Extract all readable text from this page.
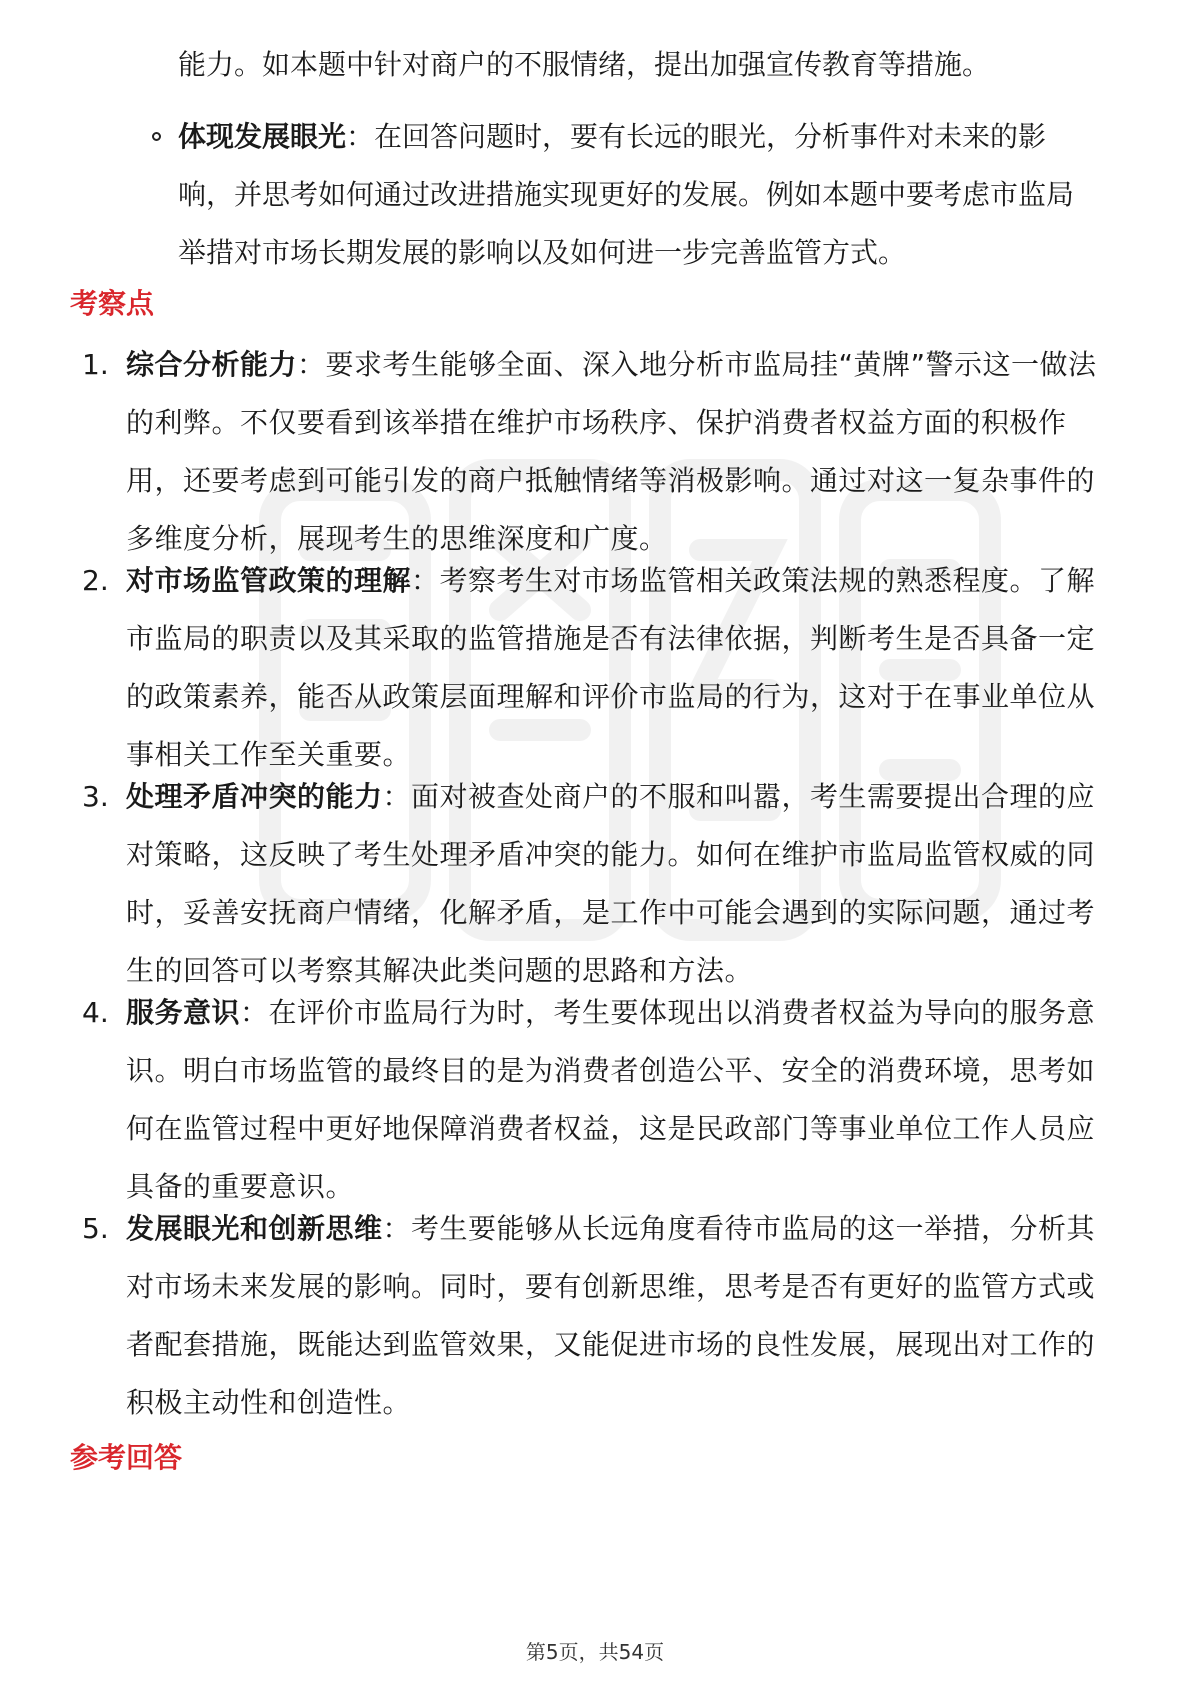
能力。如本题中针对商户的不服情绪，提出加强宣传教育等措施。
体现发展眼光：在回答问题时，要有长远的眼光，分析事件对未来的影
响，并思考如何通过改进措施实现更好的发展。例如本题中要考虑市监局
举措对市场长期发展的影响以及如何进一步完善监管方式。
考察点
1. 综合分析能力：要求考生能够全面、深入地分析市监局挂“黄牌”警示这一做法的利弊。不仅要看到该举措在维护市场秩序、保护消费者权益方面的积极作用，还要考虑到可能引发的商户抵触情绪等消极影响。通过对这一复杂事件的多维度分析，展现考生的思维深度和广度。
2. 对市场监管政策的理解：考察考生对市场监管相关政策法规的熟悉程度。了解市监局的职责以及其采取的监管措施是否有法律依据，判断考生是否具备一定的政策素养，能否从政策层面理解和评价市监局的行为，这对于在事业单位从事相关工作至关重要。
3. 处理矛盾冲突的能力：面对被查处商户的不服和叫嚣，考生需要提出合理的应对策略，这反映了考生处理矛盾冲突的能力。如何在维护市监局监管权威的同时，妥善安抚商户情绪，化解矛盾，是工作中可能会遇到的实际问题，通过考生的回答可以考察其解决此类问题的思路和方法。
4. 服务意识：在评价市监局行为时，考生要体现出以消费者权益为导向的服务意识。明白市场监管的最终目的是为消费者创造公平、安全的消费环境，思考如何在监管过程中更好地保障消费者权益，这是民政部门等事业单位工作人员应具备的重要意识。
5. 发展眼光和创新思维：考生要能够从长远角度看待市监局的这一举措，分析其对市场未来发展的影响。同时，要有创新思维，思考是否有更好的监管方式或者配套措施，既能达到监管效果，又能促进市场的良性发展，展现出对工作的积极主动性和创造性。
参考回答
第5页，共54页
